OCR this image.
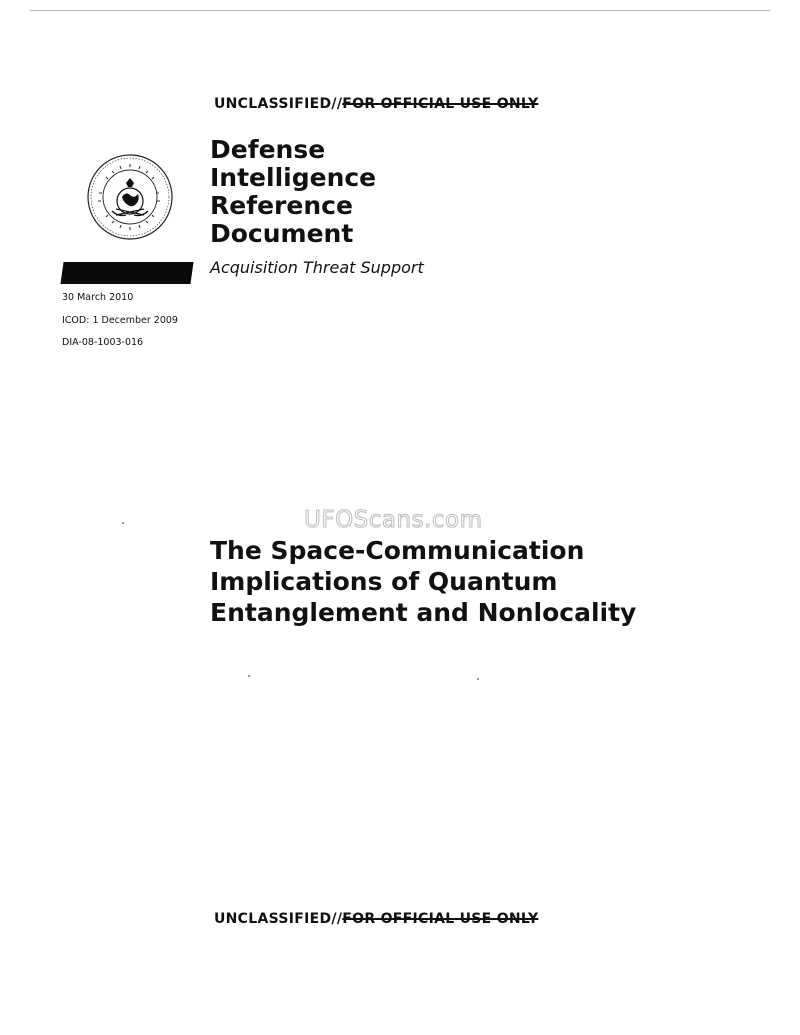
UNCLASSIFIED//FOR OFFICIAL USE ONLY
Defense
Intelligence
Reference
Document
Acquisition Threat Support
30 March 2010
ICOD: 1 December 2009
DIA-08-1003-016
UFOScans.com
The Space-Communication
Implications of Quantum
Entanglement and Nonlocality
UNCLASSIFIED//FOR OFFICIAL USE ONLY
